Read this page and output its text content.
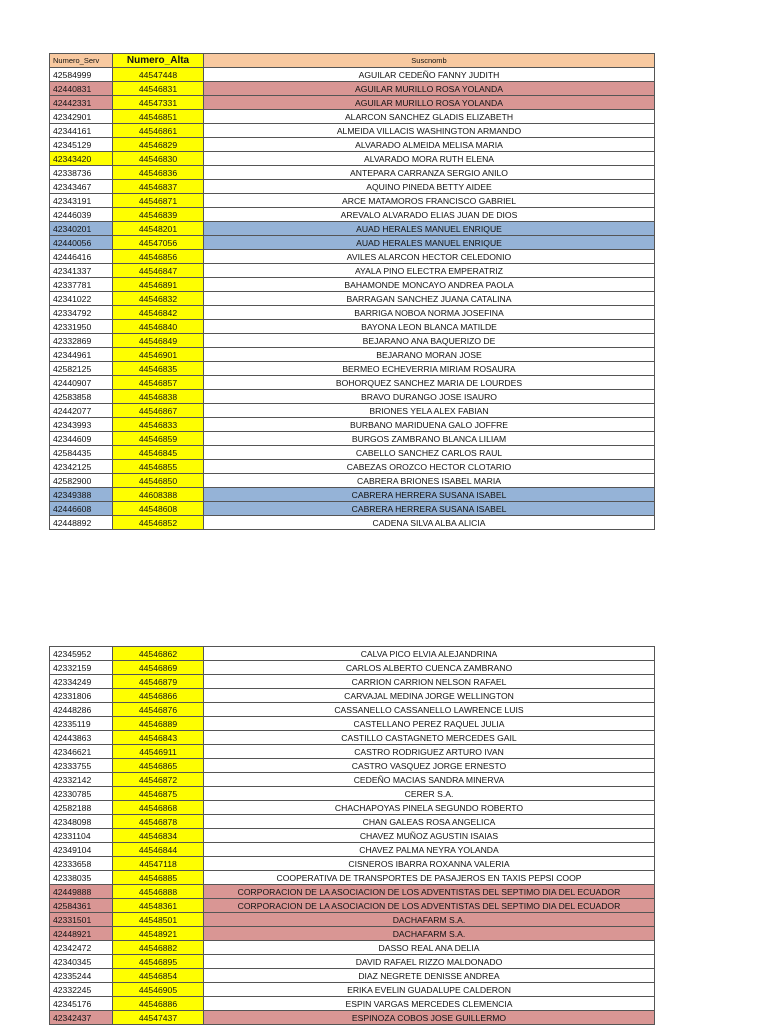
Numero_Serv	Numero_Alta	Suscnomb
42584999	44547448	AGUILAR CEDEÑO FANNY JUDITH
42440831	44546831	AGUILAR MURILLO ROSA YOLANDA
42442331	44547331	AGUILAR MURILLO ROSA YOLANDA
42342901	44546851	ALARCON SANCHEZ GLADIS ELIZABETH
42344161	44546861	ALMEIDA VILLACIS WASHINGTON ARMANDO
42345129	44546829	ALVARADO ALMEIDA MELISA MARIA
42343420	44546830	ALVARADO MORA RUTH ELENA
42338736	44546836	ANTEPARA CARRANZA SERGIO ANILO
42343467	44546837	AQUINO PINEDA BETTY AIDEE
42343191	44546871	ARCE MATAMOROS FRANCISCO GABRIEL
42446039	44546839	AREVALO ALVARADO ELIAS JUAN DE DIOS
42340201	44548201	AUAD HERALES MANUEL ENRIQUE
42440056	44547056	AUAD HERALES MANUEL ENRIQUE
42446416	44546856	AVILES ALARCON HECTOR CELEDONIO
42341337	44546847	AYALA PINO ELECTRA EMPERATRIZ
42337781	44546891	BAHAMONDE MONCAYO ANDREA PAOLA
42341022	44546832	BARRAGAN SANCHEZ JUANA CATALINA
42334792	44546842	BARRIGA NOBOA NORMA JOSEFINA
42331950	44546840	BAYONA LEON BLANCA MATILDE
42332869	44546849	BEJARANO ANA BAQUERIZO DE
42344961	44546901	BEJARANO MORAN JOSE
42582125	44546835	BERMEO ECHEVERRIA MIRIAM ROSAURA
42440907	44546857	BOHORQUEZ SANCHEZ MARIA DE LOURDES
42583858	44546838	BRAVO DURANGO JOSE ISAURO
42442077	44546867	BRIONES YELA ALEX FABIAN
42343993	44546833	BURBANO MARIDUENA GALO JOFFRE
42344609	44546859	BURGOS ZAMBRANO BLANCA LILIAM
42584435	44546845	CABELLO SANCHEZ CARLOS RAUL
42342125	44546855	CABEZAS OROZCO HECTOR CLOTARIO
42582900	44546850	CABRERA BRIONES ISABEL MARIA
42349388	44608388	CABRERA HERRERA SUSANA ISABEL
42446608	44548608	CABRERA HERRERA SUSANA ISABEL
42448892	44546852	CADENA SILVA ALBA ALICIA
42345952	44546862	CALVA PICO ELVIA ALEJANDRINA
42332159	44546869	CARLOS ALBERTO CUENCA ZAMBRANO
42334249	44546879	CARRION CARRION NELSON RAFAEL
42331806	44546866	CARVAJAL MEDINA JORGE WELLINGTON
42448286	44546876	CASSANELLO CASSANELLO LAWRENCE LUIS
42335119	44546889	CASTELLANO PEREZ RAQUEL JULIA
42443863	44546843	CASTILLO CASTAGNETO MERCEDES GAIL
42346621	44546911	CASTRO RODRIGUEZ ARTURO IVAN
42333755	44546865	CASTRO VASQUEZ JORGE ERNESTO
42332142	44546872	CEDEÑO MACIAS SANDRA MINERVA
42330785	44546875	CERER S.A.
42582188	44546868	CHACHAPOYAS PINELA SEGUNDO ROBERTO
42348098	44546878	CHAN GALEAS ROSA ANGELICA
42331104	44546834	CHAVEZ MUÑOZ AGUSTIN ISAIAS
42349104	44546844	CHAVEZ PALMA NEYRA YOLANDA
42333658	44547118	CISNEROS IBARRA ROXANNA VALERIA
42338035	44546885	COOPERATIVA DE TRANSPORTES DE PASAJEROS EN TAXIS PEPSI COOP
42449888	44546888	CORPORACION DE LA ASOCIACION DE LOS ADVENTISTAS DEL SEPTIMO DIA DEL ECUADOR
42584361	44548361	CORPORACION DE LA ASOCIACION DE LOS ADVENTISTAS DEL SEPTIMO DIA DEL ECUADOR
42331501	44548501	DACHAFARM S.A.
42448921	44548921	DACHAFARM S.A.
42342472	44546882	DASSO REAL ANA DELIA
42340345	44546895	DAVID RAFAEL RIZZO MALDONADO
42335244	44546854	DIAZ NEGRETE DENISSE ANDREA
42332245	44546905	ERIKA EVELIN GUADALUPE CALDERON
42345176	44546886	ESPIN VARGAS MERCEDES CLEMENCIA
42342437	44547437	ESPINOZA COBOS JOSE GUILLERMO
